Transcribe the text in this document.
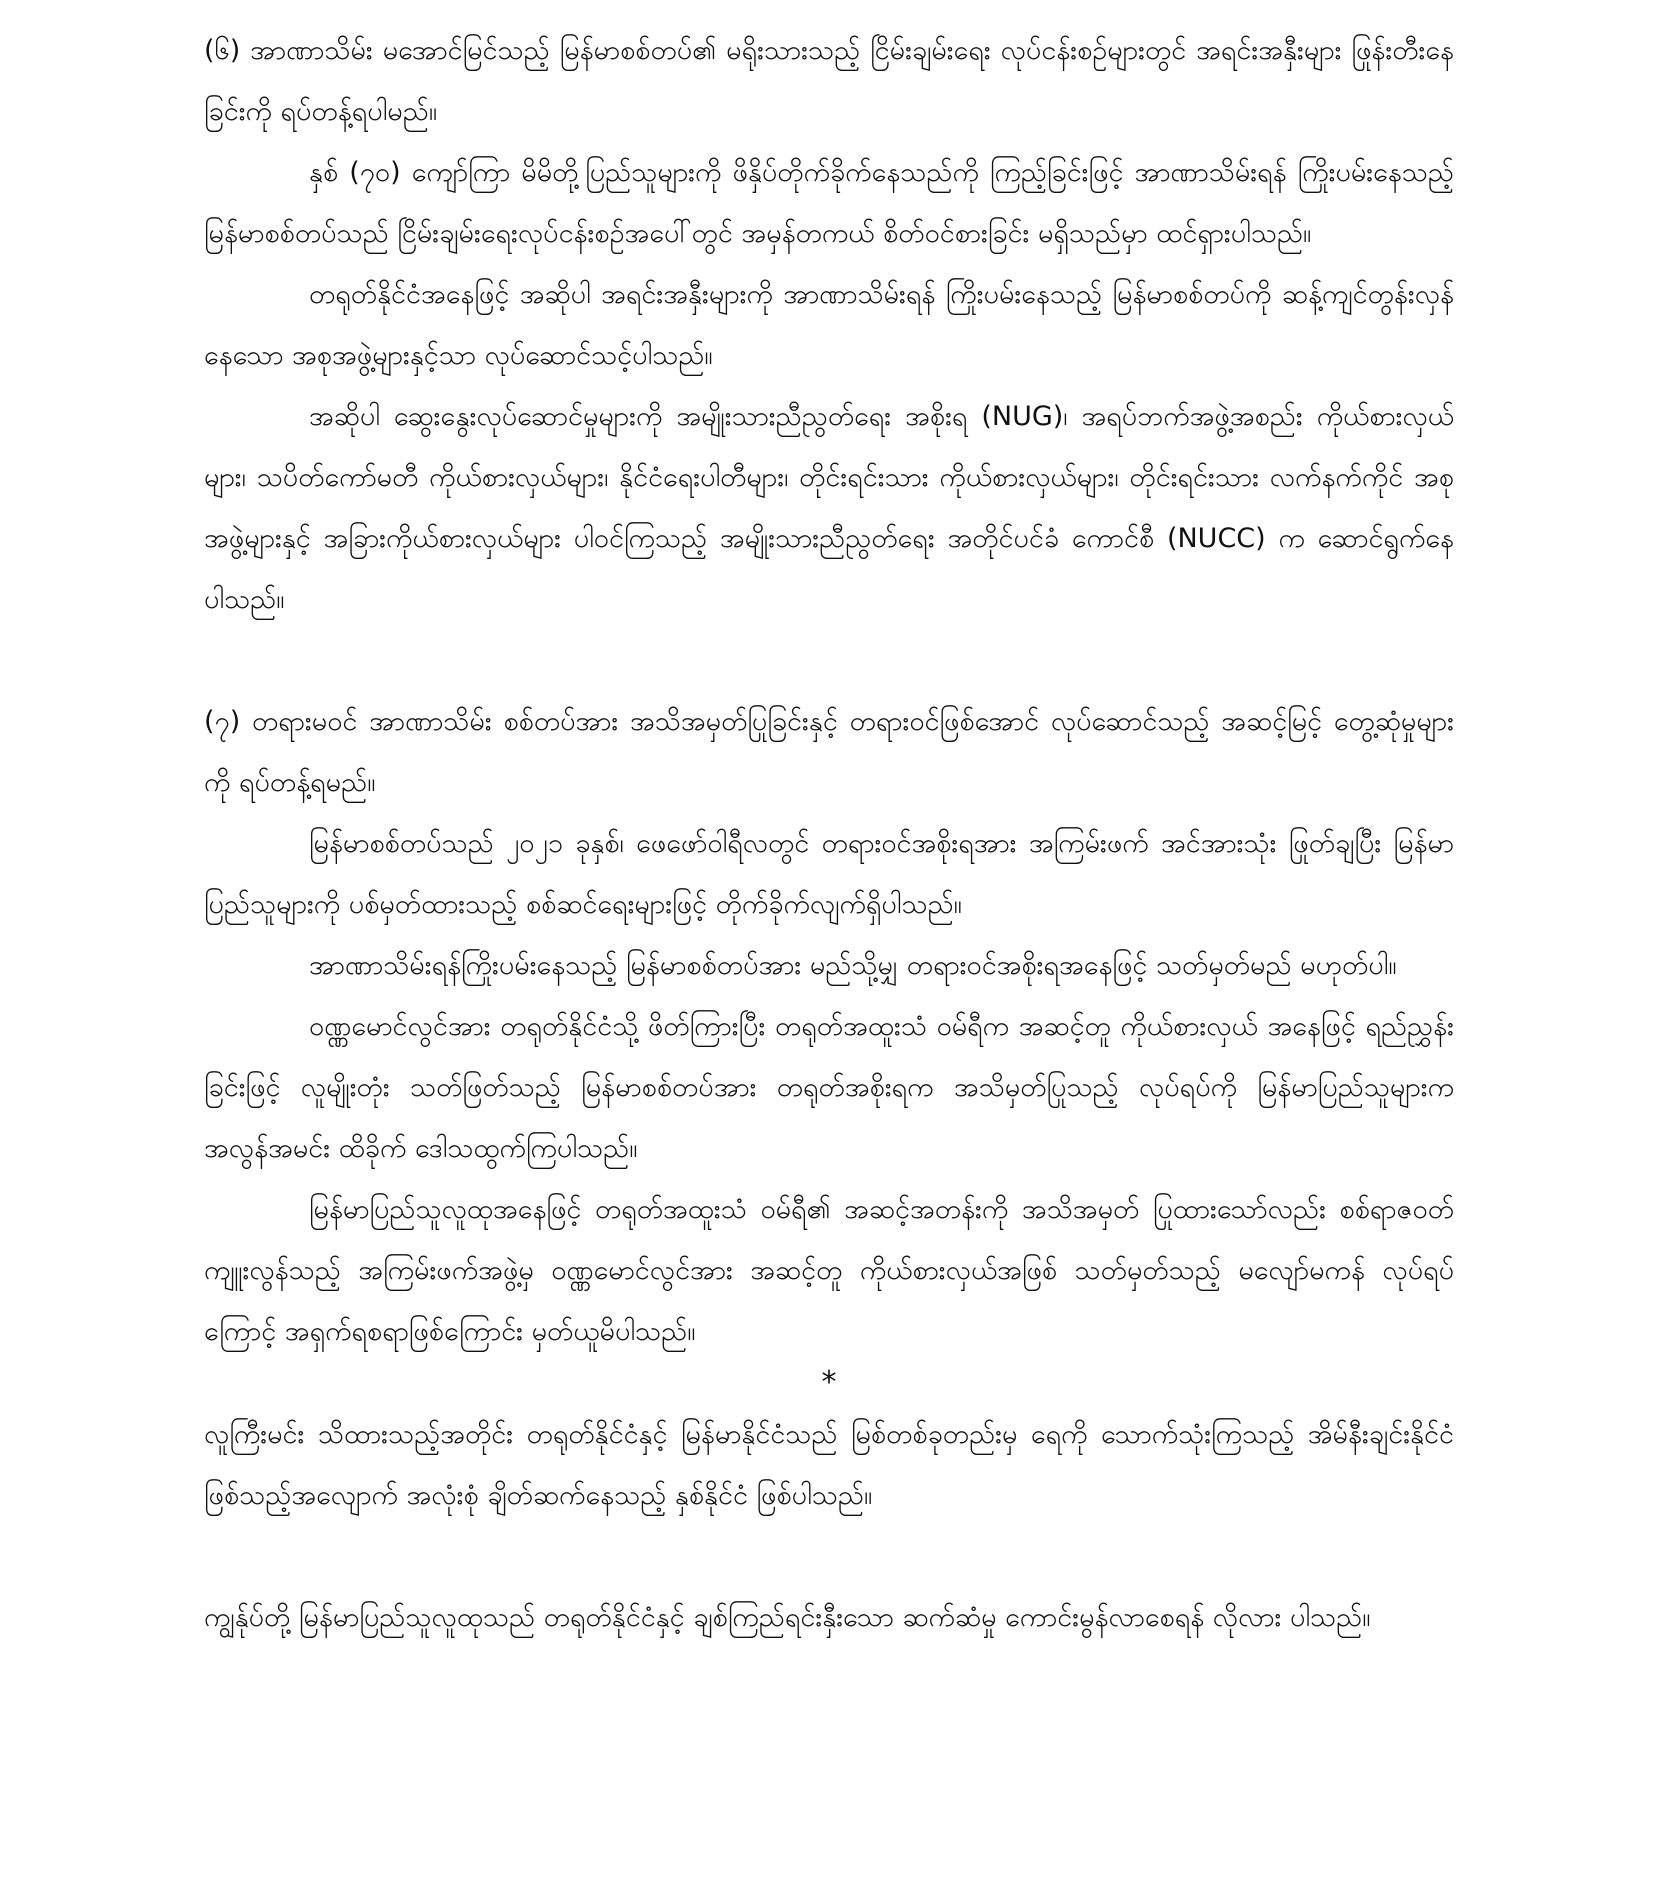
(၆) အာဏာသိမ်း မအောင်မြင်သည့် မြန်မာစစ်တပ်၏ မရိုးသားသည့် ငြိမ်းချမ်းရေး လုပ်ငန်းစဉ်များတွင် အရင်းအနှီးများ ဖြုန်းတီးနေခြင်းကို ရပ်တန့်ရပါမည်။

နှစ် (၇၀) ကျော်ကြာ မိမိတို့ပြည်သူများကို ဖိနှိပ်တိုက်ခိုက်နေသည်ကို ကြည့်ခြင်းဖြင့် အာဏာသိမ်းရန် ကြိုးပမ်းနေသည့် မြန်မာစစ်တပ်သည် ငြိမ်းချမ်းရေးလုပ်ငန်းစဉ်အပေါ်တွင် အမှန်တကယ် စိတ်ဝင်စားခြင်း မရှိသည်မှာ ထင်ရှားပါသည်။

တရုတ်နိုင်ငံအနေဖြင့် အဆိုပါ အရင်းအနှီးများကို အာဏာသိမ်းရန် ကြိုးပမ်းနေသည့် မြန်မာစစ်တပ်ကို ဆန့်ကျင်တွန်းလှန်နေသော အစုအဖွဲ့များနှင့်သာ လုပ်ဆောင်သင့်ပါသည်။

အဆိုပါ ဆွေးနွေးလုပ်ဆောင်မှုများကို အမျိုးသားညီညွတ်ရေး အစိုးရ (NUG)၊ အရပ်ဘက်အဖွဲ့အစည်း ကိုယ်စားလှယ်များ၊ သပိတ်ကော်မတီ ကိုယ်စားလှယ်များ၊ နိုင်ငံရေးပါတီများ၊ တိုင်းရင်းသား ကိုယ်စားလှယ်များ၊ တိုင်းရင်းသား လက်နက်ကိုင် အစုအဖွဲ့များနှင့် အခြားကိုယ်စားလှယ်များ ပါဝင်ကြသည့် အမျိုးသားညီညွတ်ရေး အတိုင်ပင်ခံ ကောင်စီ (NUCC) က ဆောင်ရွက်နေပါသည်။

(၇) တရားမဝင် အာဏာသိမ်း စစ်တပ်အား အသိအမှတ်ပြုခြင်းနှင့် တရားဝင်ဖြစ်အောင် လုပ်ဆောင်သည့် အဆင့်မြင့် တွေ့ဆုံမှုများကို ရပ်တန့်ရမည်။

မြန်မာစစ်တပ်သည် ၂၀၂၁ ခုနှစ်၊ ဖေဖော်ဝါရီလတွင် တရားဝင်အစိုးရအား အကြမ်းဖက် အင်အားသုံး ဖြုတ်ချပြီး မြန်မာပြည်သူများကို ပစ်မှတ်ထားသည့် စစ်ဆင်ရေးများဖြင့် တိုက်ခိုက်လျက်ရှိပါသည်။

အာဏာသိမ်းရန်ကြိုးပမ်းနေသည့် မြန်မာစစ်တပ်အား မည်သို့မျှ တရားဝင်အစိုးရအနေဖြင့် သတ်မှတ်မည် မဟုတ်ပါ။

ဝဏ္ဏမောင်လွင်အား တရုတ်နိုင်ငံသို့ ဖိတ်ကြားပြီး တရုတ်အထူးသံ ဝမ်ရီက အဆင့်တူ ကိုယ်စားလှယ် အနေဖြင့် ရည်ညွှန်းခြင်းဖြင့် လူမျိုးတုံး သတ်ဖြတ်သည့် မြန်မာစစ်တပ်အား တရုတ်အစိုးရက အသိမှတ်ပြုသည့် လုပ်ရပ်ကို မြန်မာပြည်သူများက အလွန်အမင်း ထိခိုက် ဒေါသထွက်ကြပါသည်။

မြန်မာပြည်သူလူထုအနေဖြင့် တရုတ်အထူးသံ ဝမ်ရီ၏ အဆင့်အတန်းကို အသိအမှတ် ပြုထားသော်လည်း စစ်ရာဇဝတ်ကျူးလွန်သည့် အကြမ်းဖက်အဖွဲ့မှ ဝဏ္ဏမောင်လွင်အား အဆင့်တူ ကိုယ်စားလှယ်အဖြစ် သတ်မှတ်သည့် မလျော်မကန် လုပ်ရပ်ကြောင့် အရှက်ရစရာဖြစ်ကြောင်း မှတ်ယူမိပါသည်။

*

လူကြီးမင်း သိထားသည့်အတိုင်း တရုတ်နိုင်ငံနှင့် မြန်မာနိုင်ငံသည် မြစ်တစ်ခုတည်းမှ ရေကို သောက်သုံးကြသည့် အိမ်နီးချင်းနိုင်ငံ ဖြစ်သည့်အလျောက် အလုံးစုံ ချိတ်ဆက်နေသည့် နှစ်နိုင်ငံ ဖြစ်ပါသည်။

ကျွန်ုပ်တို့ မြန်မာပြည်သူလူထုသည် တရုတ်နိုင်ငံနှင့် ချစ်ကြည်ရင်းနှီးသော ဆက်ဆံမှု ကောင်းမွန်လာစေရန် လိုလား ပါသည်။
